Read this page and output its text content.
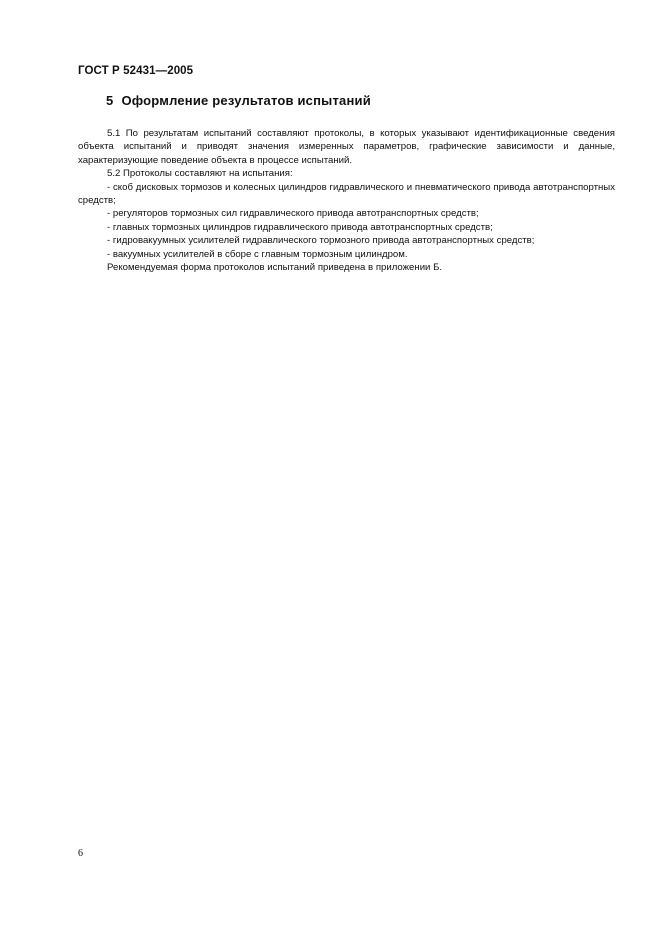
ГОСТ Р 52431—2005
5 Оформление результатов испытаний

5.1 По результатам испытаний составляют протоколы, в которых указывают идентификационные сведения объекта испытаний и приводят значения измеренных параметров, графические зависимости и данные, характеризующие поведение объекта в процессе испытаний.

5.2 Протоколы составляют на испытания:

- скоб дисковых тормозов и колесных цилиндров гидравлического и пневматического привода автотранспортных средств;

- регуляторов тормозных сил гидравлического привода автотранспортных средств;

- главных тормозных цилиндров гидравлического привода автотранспортных средств;

- гидровакуумных усилителей гидравлического тормозного привода автотранспортных средств;

- вакуумных усилителей в сборе с главным тормозным цилиндром.

Рекомендуемая форма протоколов испытаний приведена в приложении Б.

6
